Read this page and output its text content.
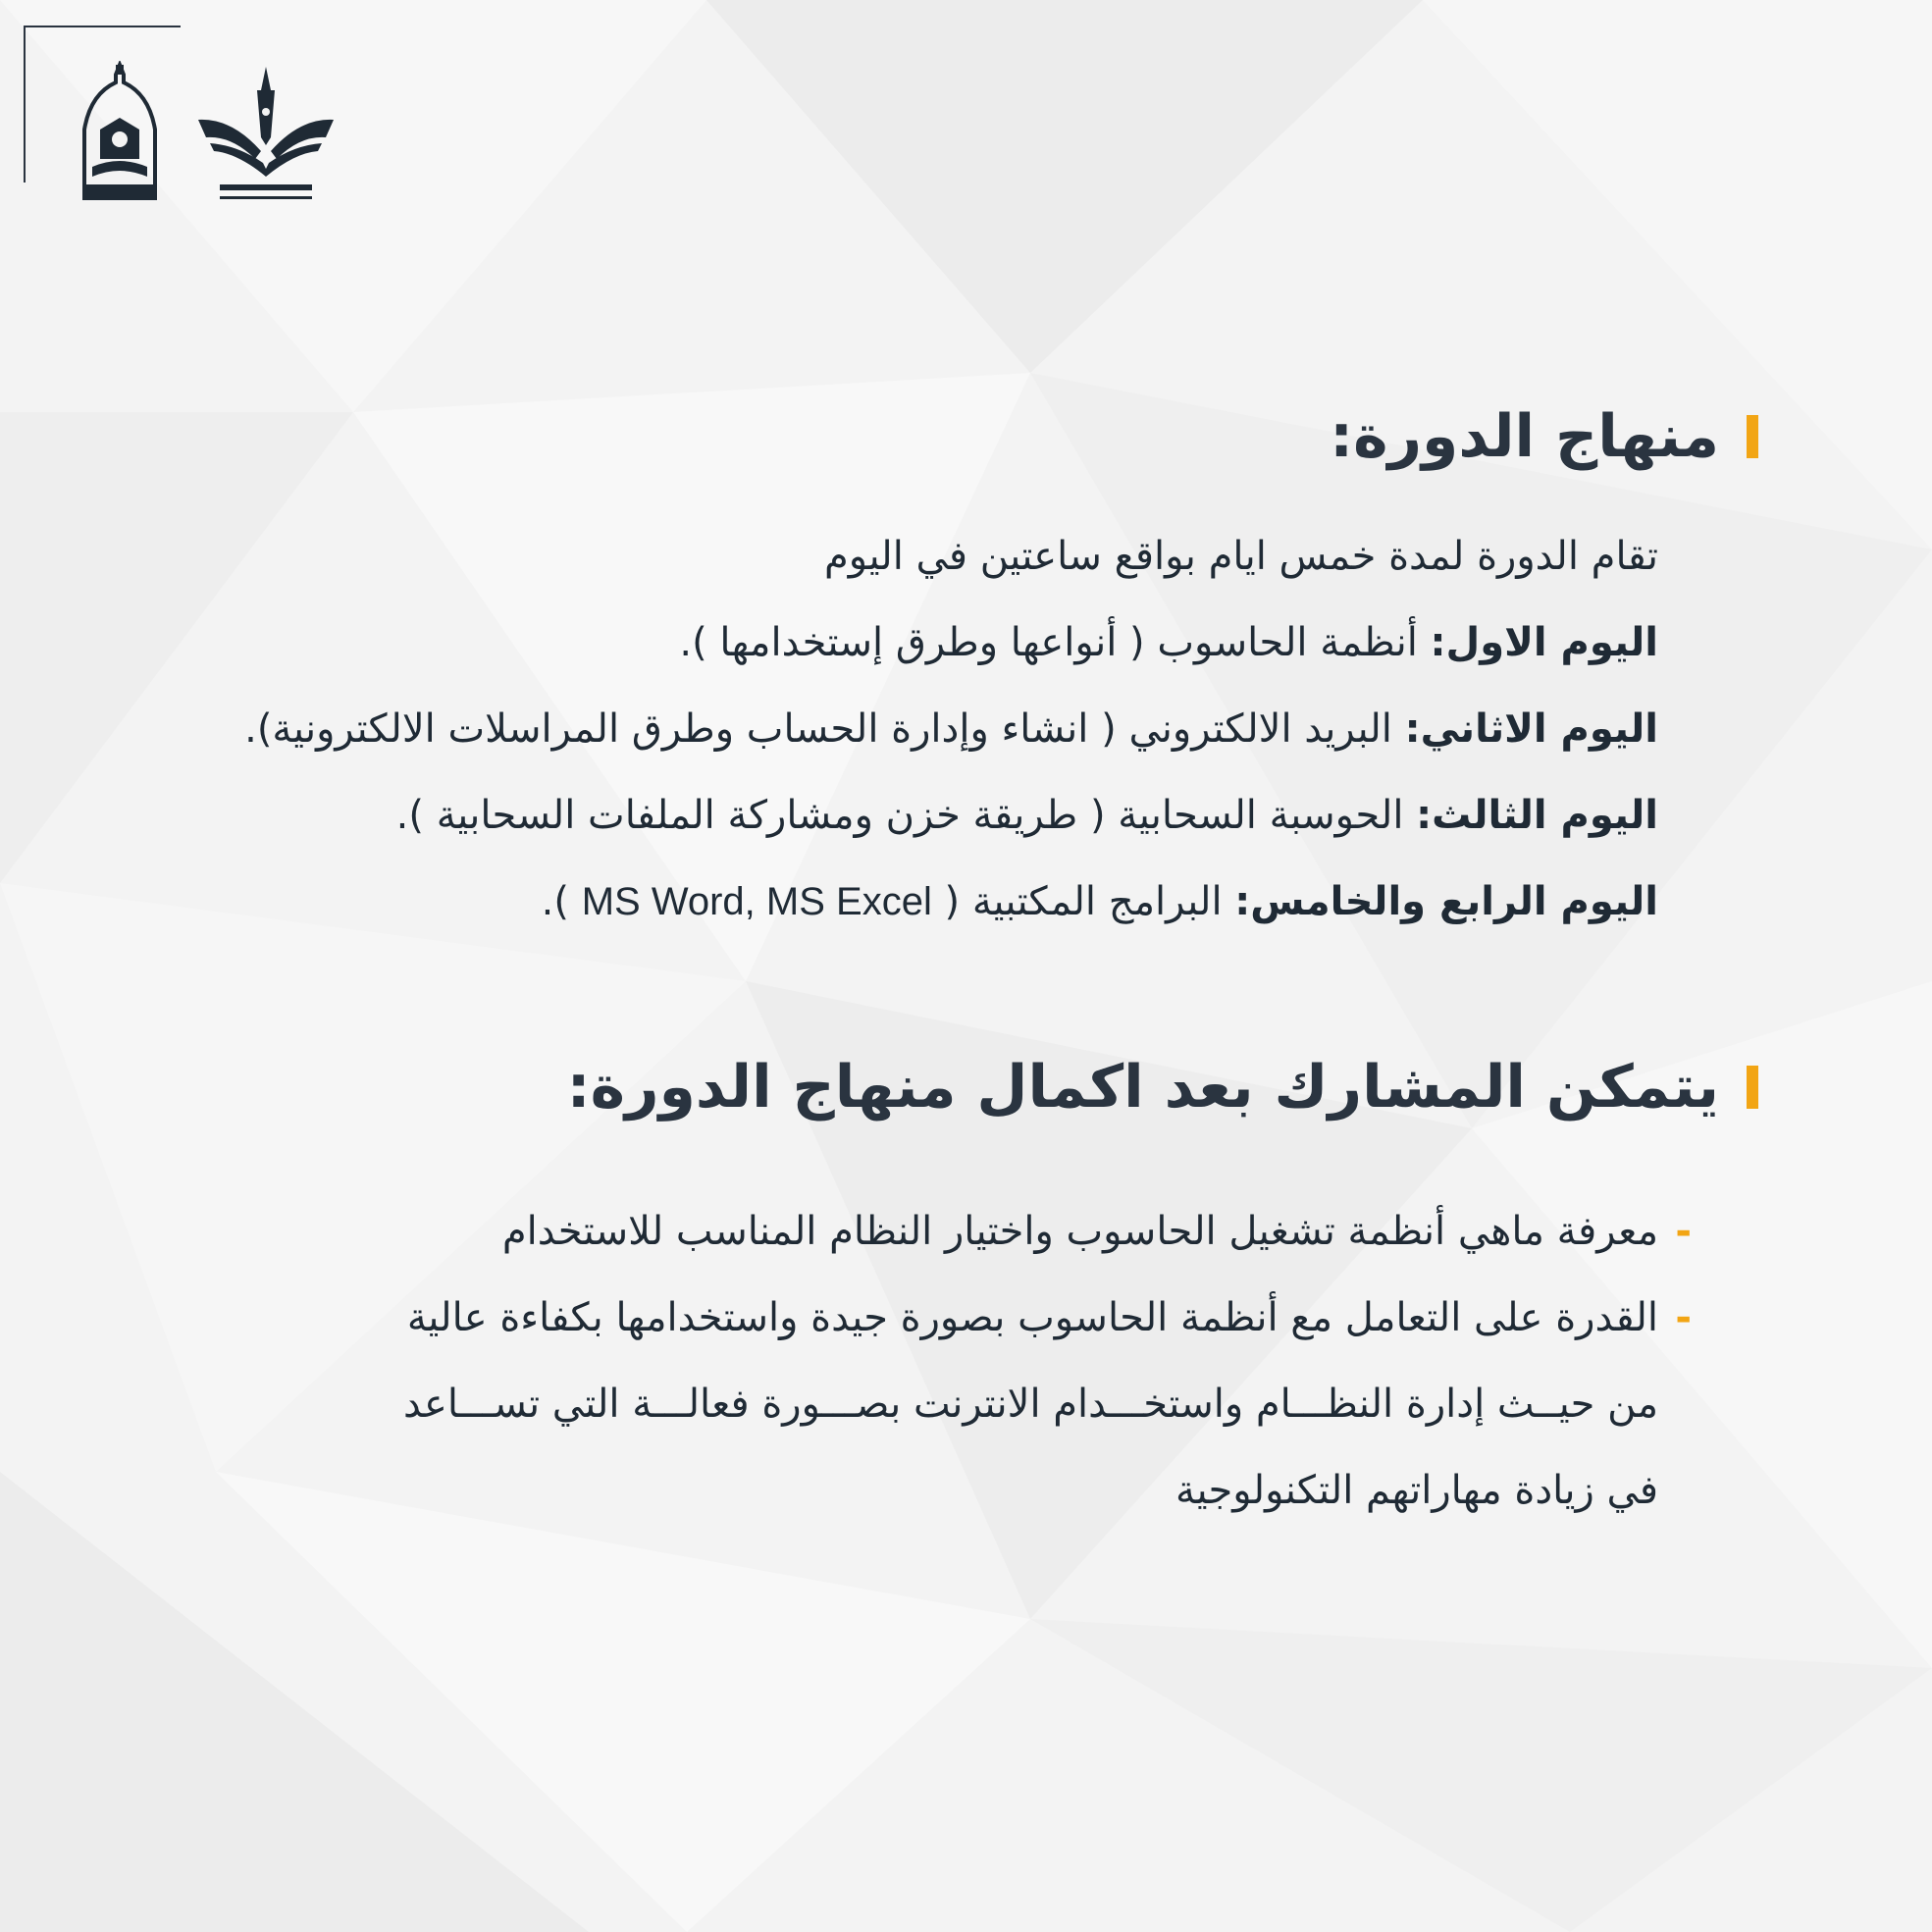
منهاج الدورة:
تقام الدورة لمدة خمس ايام بواقع ساعتين في اليوم
اليوم الاول: أنظمة الحاسوب ( أنواعها وطرق إستخدامها ).
اليوم الاثاني: البريد الالكتروني ( انشاء وإدارة الحساب وطرق المراسلات الالكترونية).
اليوم الثالث: الحوسبة السحابية ( طريقة خزن ومشاركة الملفات السحابية ).
اليوم الرابع والخامس: البرامج المكتبية ( MS Word, MS Excel ).
يتمكن المشارك بعد اكمال منهاج الدورة:
-
-
معرفة ماهي أنظمة تشغيل الحاسوب واختيار النظام المناسب للاستخدام
القدرة على التعامل مع أنظمة الحاسوب بصورة جيدة واستخدامها بكفاءة عالية
من حيــث إدارة النظـــام واستخـــدام الانترنت بصـــورة فعالـــة التي تســـاعد
في زيادة مهاراتهم التكنولوجية
